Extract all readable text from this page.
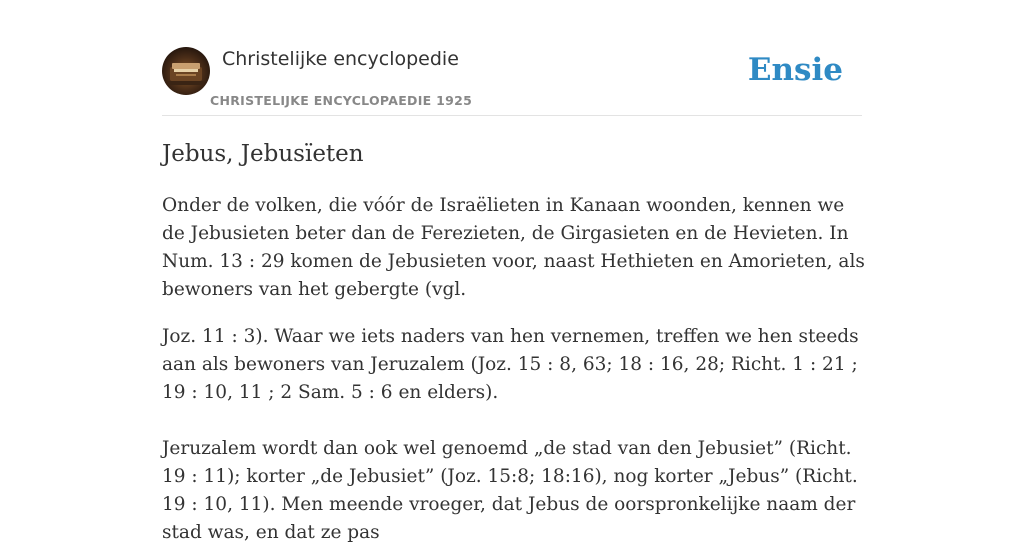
Christelijke encyclopedie
CHRISTELIJKE ENCYCLOPAEDIE 1925
Ensie
Jebus, Jebusïeten

Onder de volken, die vóór de Israëlieten in Kanaan woonden, kennen we de Jebusieten beter dan de Ferezieten, de Girgasieten en de Hevieten. In Num. 13 : 29 komen de Jebusieten voor, naast Hethieten en Amorieten, als bewoners van het gebergte (vgl.

Joz. 11 : 3). Waar we iets naders van hen vernemen, treffen we hen steeds aan als bewoners van Jeruzalem (Joz. 15 : 8, 63; 18 : 16, 28; Richt. 1 : 21 ; 19 : 10, 11 ; 2 Sam. 5 : 6 en elders).

Jeruzalem wordt dan ook wel genoemd „de stad van den Jebusiet” (Richt. 19 : 11); korter „de Jebusiet” (Joz. 15:8; 18:16), nog korter „Jebus” (Richt. 19 : 10, 11). Men meende vroeger, dat Jebus de oorspronkelijke naam der stad was, en dat ze pas
